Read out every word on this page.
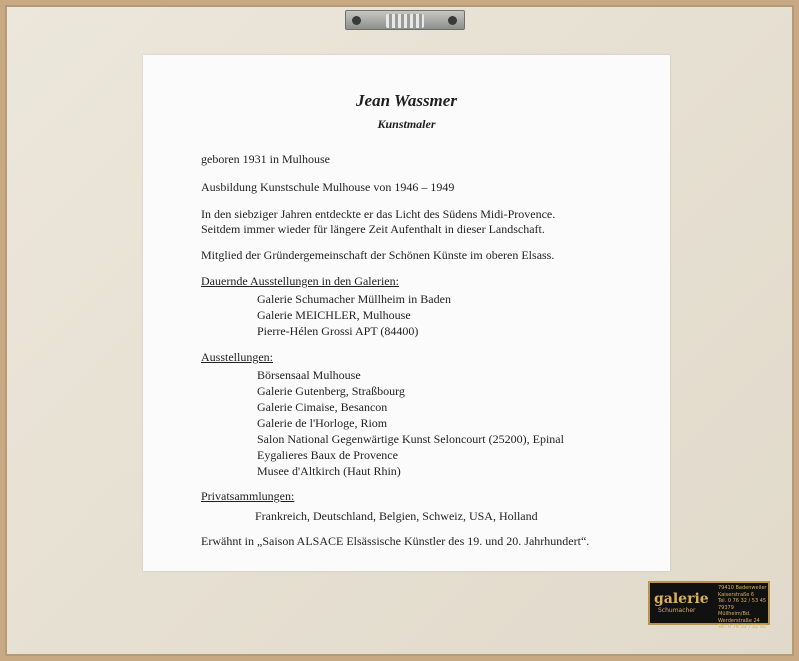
Jean Wassmer
Kunstmaler
geboren 1931 in Mulhouse
Ausbildung Kunstschule Mulhouse von 1946 – 1949
In den siebziger Jahren entdeckte er das Licht des Südens Midi-Provence.
Seitdem immer wieder für längere Zeit Aufenthalt in dieser Landschaft.
Mitglied der Gründergemeinschaft der Schönen Künste im oberen Elsass.
Dauernde Ausstellungen in den Galerien:
Galerie Schumacher Müllheim in Baden
Galerie MEICHLER, Mulhouse
Pierre-Hélen Grossi APT (84400)
Ausstellungen:
Börsensaal Mulhouse
Galerie Gutenberg, Straßbourg
Galerie Cimaise, Besancon
Galerie de l'Horloge, Riom
Salon National Gegenwärtige Kunst Seloncourt (25200), Epinal
Eygalieres Baux de Provence
Musee d'Altkirch (Haut Rhin)
Privatsammlungen:
Frankreich, Deutschland, Belgien, Schweiz, USA, Holland
Erwähnt in „Saison ALSACE Elsässische Künstler des 19. und 20. Jahrhundert“.
galerie
Schumacher
79410 Badenweiler
Kaiserstraße 6
Tel. 0 76 32 / 53 45
79379 Müllheim/Bd.
Werderstraße 24
Tel. 0 76 31 / 32 92
